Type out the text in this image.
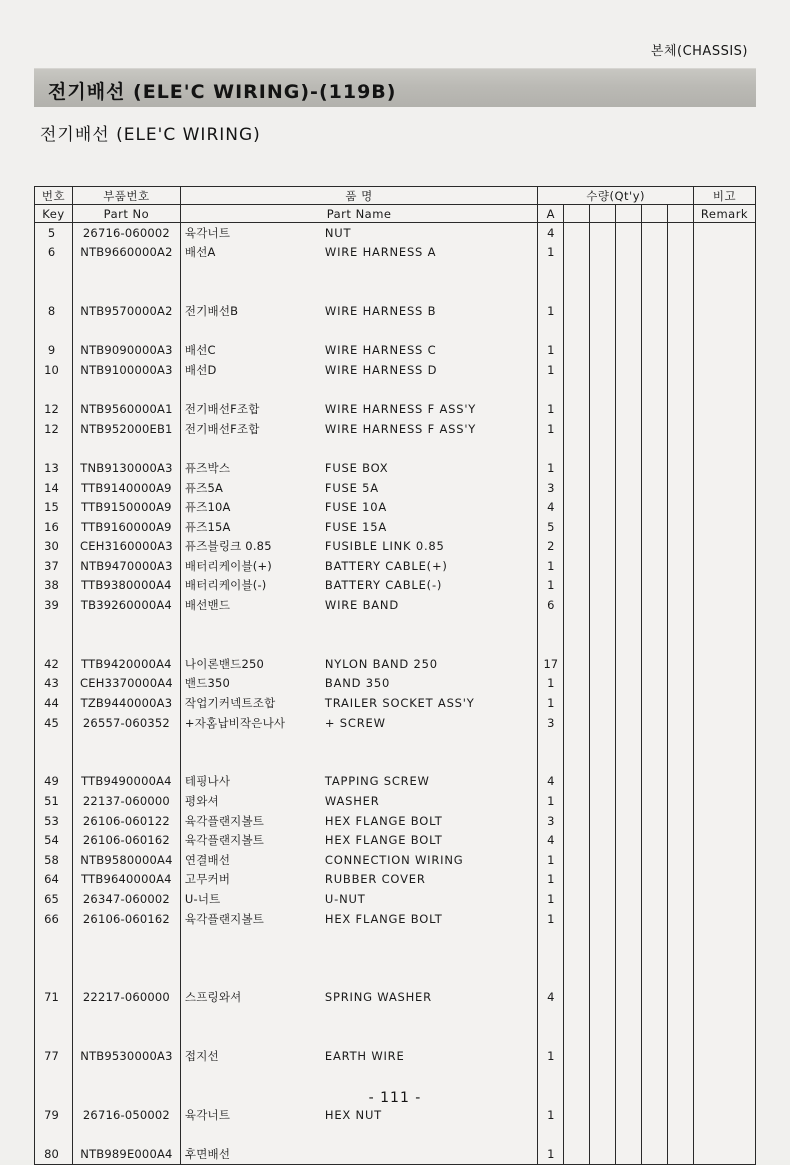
본체(CHASSIS)
전기배선 (ELE'C WIRING)-(119B)
전기배선 (ELE'C WIRING)
번호	부품번호	품 명	수량(Qt'y)						비고
Key	Part No	Part Name	A						Remark
5	26716-060002	육각너트 NUT	4						
6	NTB9660000A2	배선A WIRE HARNESS A	1						

8	NTB9570000A2	전기배선B WIRE HARNESS B	1						

9	NTB9090000A3	배선C WIRE HARNESS C	1						
10	NTB9100000A3	배선D WIRE HARNESS D	1						

12	NTB9560000A1	전기배선F조합 WIRE HARNESS F ASS'Y	1						
12	NTB952000EB1	전기배선F조합 WIRE HARNESS F ASS'Y	1						

13	TNB9130000A3	퓨즈박스 FUSE BOX	1						
14	TTB9140000A9	퓨즈5A FUSE 5A	3						
15	TTB9150000A9	퓨즈10A FUSE 10A	4						
16	TTB9160000A9	퓨즈15A FUSE 15A	5						
30	CEH3160000A3	퓨즈블링크 0.85 FUSIBLE LINK 0.85	2						
37	NTB9470000A3	배터리케이블(+) BATTERY CABLE(+)	1						
38	TTB9380000A4	배터리케이블(-) BATTERY CABLE(-)	1						
39	TB39260000A4	배선밴드 WIRE BAND	6						

42	TTB9420000A4	나이론밴드250 NYLON BAND 250	17						
43	CEH3370000A4	밴드350 BAND 350	1						
44	TZB9440000A3	작업기커넥트조합 TRAILER SOCKET ASS'Y	1						
45	26557-060352	+자홈납비작은나사 + SCREW	3						

49	TTB9490000A4	테핑나사 TAPPING SCREW	4						
51	22137-060000	평와셔 WASHER	1						
53	26106-060122	육각플랜지볼트 HEX FLANGE BOLT	3						
54	26106-060162	육각플랜지볼트 HEX FLANGE BOLT	4						
58	NTB9580000A4	연결배선 CONNECTION WIRING	1						
64	TTB9640000A4	고무커버 RUBBER COVER	1						
65	26347-060002	U-너트 U-NUT	1						
66	26106-060162	육각플랜지볼트 HEX FLANGE BOLT	1						

71	22217-060000	스프링와셔 SPRING WASHER	4						

77	NTB9530000A3	접지선 EARTH WIRE	1						

79	26716-050002	육각너트 HEX NUT	1						

80	NTB989E000A4	후면배선	1						
- 111 -
